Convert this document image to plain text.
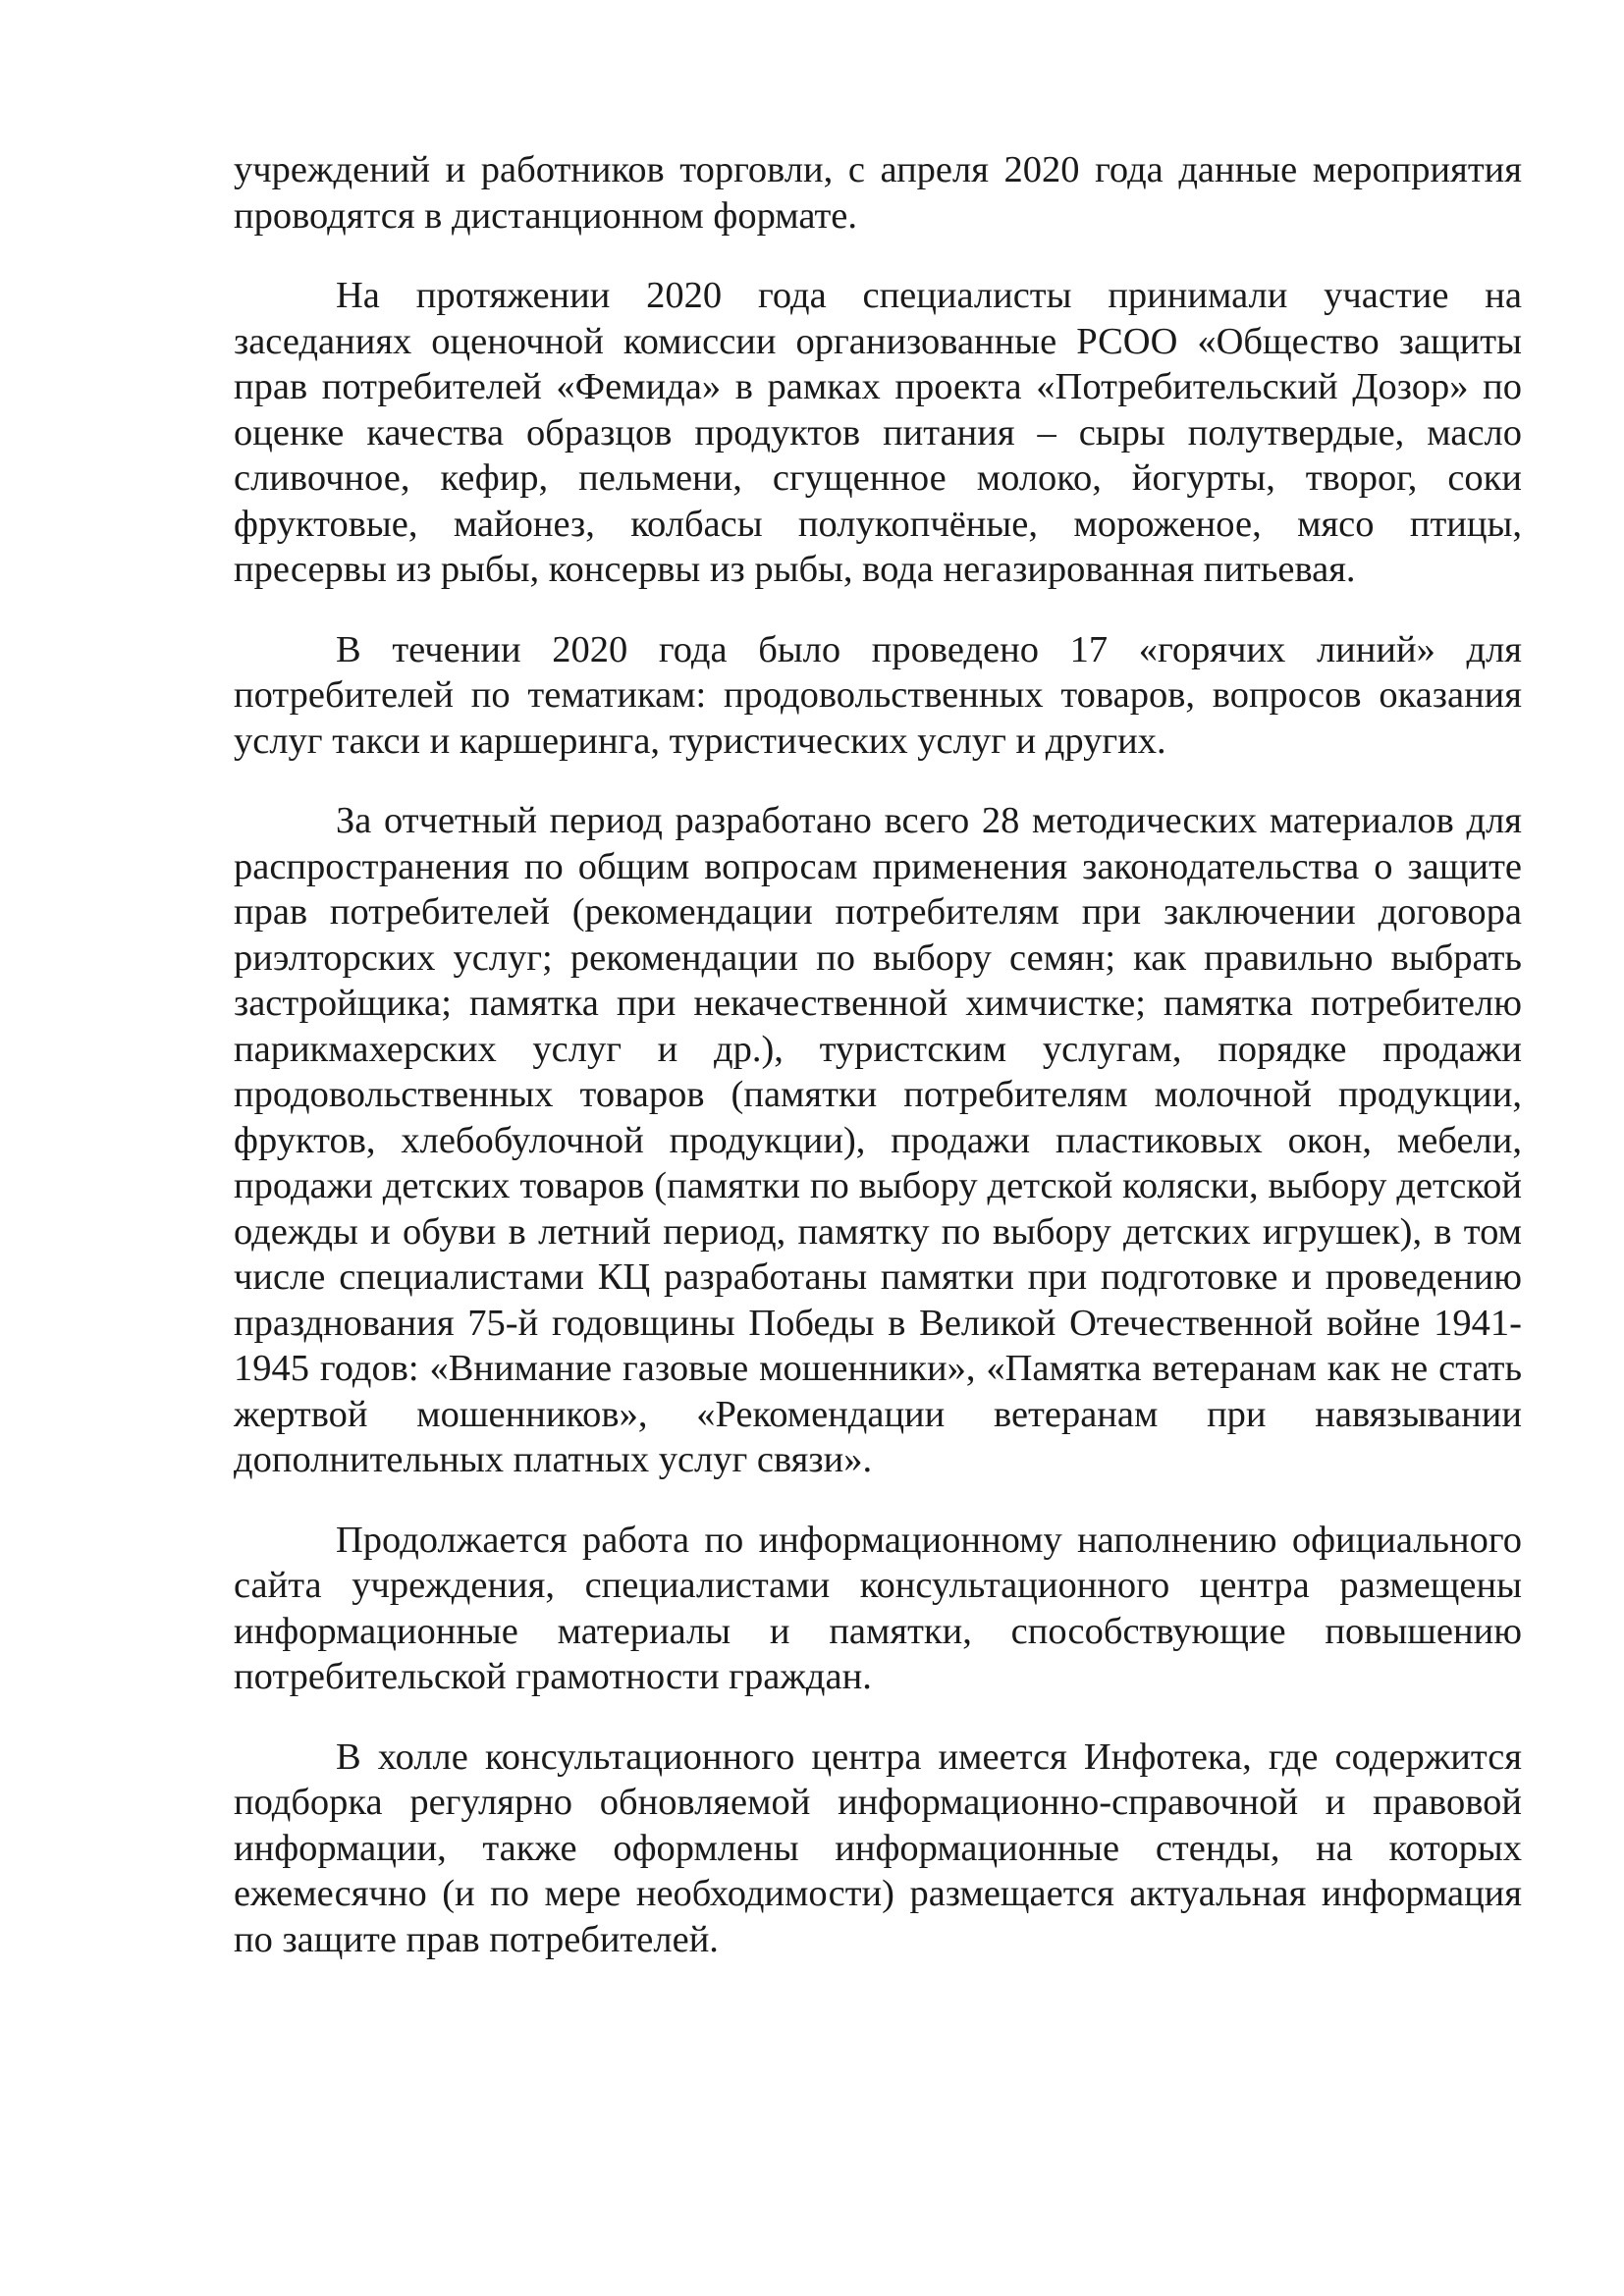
учреждений и работников торговли, с апреля 2020 года данные мероприятия проводятся в дистанционном формате.

На протяжении 2020 года специалисты принимали участие на заседаниях оценочной комиссии организованные РСОО «Общество защиты прав потребителей «Фемида» в рамках проекта «Потребительский Дозор» по оценке качества образцов продуктов питания – сыры полутвердые, масло сливочное, кефир, пельмени, сгущенное молоко, йогурты, творог, соки фруктовые, майонез, колбасы полукопчёные, мороженое, мясо птицы, пресервы из рыбы, консервы из рыбы, вода негазированная питьевая.

В течении 2020 года было проведено 17 «горячих линий» для потребителей по тематикам: продовольственных товаров, вопросов оказания услуг такси и каршеринга, туристических услуг и других.

За отчетный период разработано всего 28 методических материалов для распространения по общим вопросам применения законодательства о защите прав потребителей (рекомендации потребителям при заключении договора риэлторских услуг; рекомендации по выбору семян; как правильно выбрать застройщика; памятка при некачественной химчистке; памятка потребителю парикмахерских услуг и др.), туристским услугам, порядке продажи продовольственных товаров (памятки потребителям молочной продукции, фруктов, хлебобулочной продукции), продажи пластиковых окон, мебели, продажи детских товаров (памятки по выбору детской коляски, выбору детской одежды и обуви в летний период, памятку по выбору детских игрушек), в том числе специалистами КЦ разработаны памятки при подготовке и проведению празднования 75-й годовщины Победы в Великой Отечественной войне 1941-1945 годов: «Внимание газовые мошенники», «Памятка ветеранам как не стать жертвой мошенников», «Рекомендации ветеранам при навязывании дополнительных платных услуг связи».

Продолжается работа по информационному наполнению официального сайта учреждения, специалистами консультационного центра размещены информационные материалы и памятки, способствующие повышению потребительской грамотности граждан.

В холле консультационного центра имеется Инфотека, где содержится подборка регулярно обновляемой информационно-справочной и правовой информации, также оформлены информационные стенды, на которых ежемесячно (и по мере необходимости) размещается актуальная информация по защите прав потребителей.
